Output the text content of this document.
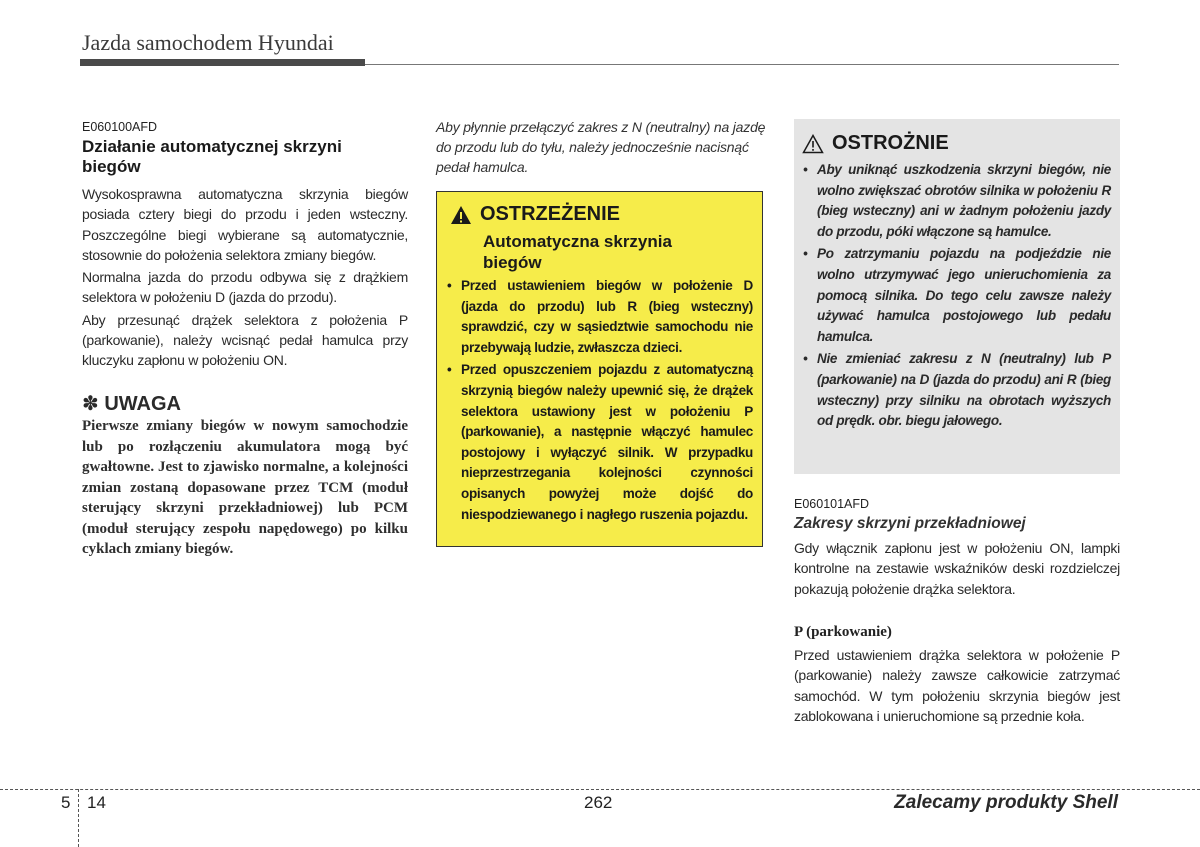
Jazda samochodem Hyundai
E060100AFD
Działanie automatycznej skrzyni biegów

Wysokosprawna automatyczna skrzynia biegów posiada cztery biegi do przodu i jeden wsteczny. Poszczególne biegi wybierane są automatycznie, stosownie do położenia selektora zmiany biegów.

Normalna jazda do przodu odbywa się z drążkiem selektora w położeniu D (jazda do przodu).

Aby przesunąć drążek selektora z położenia P (parkowanie), należy wcisnąć pedał hamulca przy kluczyku zapłonu w położeniu ON.

✽ UWAGA
Pierwsze zmiany biegów w nowym samochodzie lub po rozłączeniu akumulatora mogą być gwałtowne. Jest to zjawisko normalne, a kolejności zmian zostaną dopasowane przez TCM (moduł sterujący skrzyni przekładniowej) lub PCM (moduł sterujący zespołu napędowego) po kilku cyklach zmiany biegów.
Aby płynnie przełączyć zakres z N (neutralny) na jazdę do przodu lub do tyłu, należy jednocześnie nacisnąć pedał hamulca.
OSTRZEŻENIE
Automatyczna skrzynia biegów
• Przed ustawieniem biegów w położenie D (jazda do przodu) lub R (bieg wsteczny) sprawdzić, czy w sąsiedztwie samochodu nie przebywają ludzie, zwłaszcza dzieci.
• Przed opuszczeniem pojazdu z automatyczną skrzynią biegów należy upewnić się, że drążek selektora ustawiony jest w położeniu P (parkowanie), a następnie włączyć hamulec postojowy i wyłączyć silnik. W przypadku nieprzestrzegania kolejności czynności opisanych powyżej może dojść do niespodziewanego i nagłego ruszenia pojazdu.
OSTROŻNIE
• Aby uniknąć uszkodzenia skrzyni biegów, nie wolno zwiększać obrotów silnika w położeniu R (bieg wsteczny) ani w żadnym położeniu jazdy do przodu, póki włączone są hamulce.
• Po zatrzymaniu pojazdu na podjeździe nie wolno utrzymywać jego unieruchomienia za pomocą silnika. Do tego celu zawsze należy używać hamulca postojowego lub pedału hamulca.
• Nie zmieniać zakresu z N (neutralny) lub P (parkowanie) na D (jazda do przodu) ani R (bieg wsteczny) przy silniku na obrotach wyższych od prędk. obr. biegu jałowego.
E060101AFD
Zakresy skrzyni przekładniowej
Gdy włącznik zapłonu jest w położeniu ON, lampki kontrolne na zestawie wskaźników deski rozdzielczej pokazują położenie drążka selektora.
P (parkowanie)
Przed ustawieniem drążka selektora w położenie P (parkowanie) należy zawsze całkowicie zatrzymać samochód. W tym położeniu skrzynia biegów jest zablokowana i unieruchomione są przednie koła.
5 14	262	Zalecamy produkty Shell
